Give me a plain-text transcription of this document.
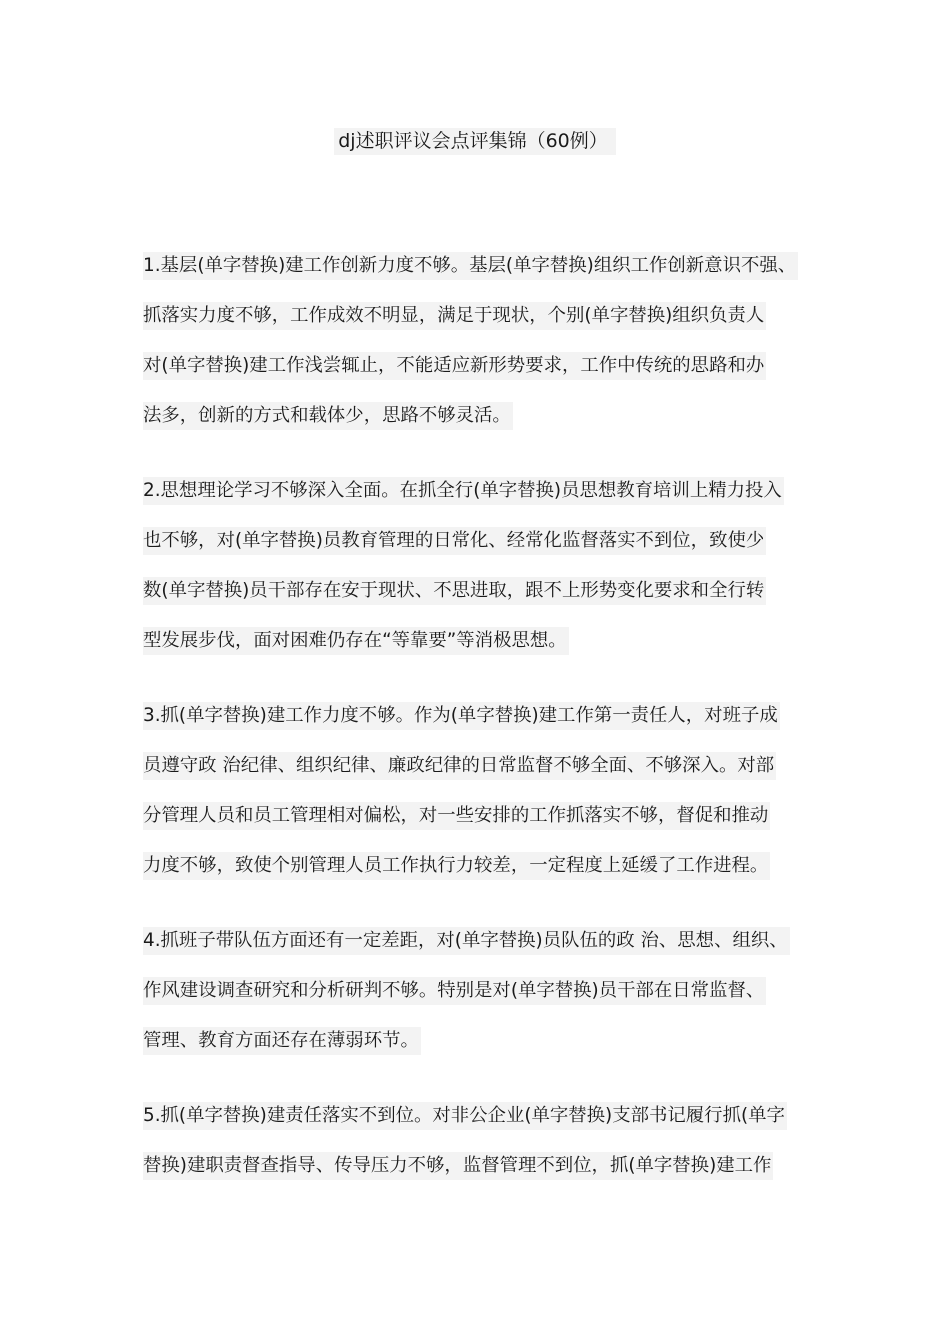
dj述职评议会点评集锦（60例）
1.基层(单字替换)建工作创新力度不够。基层(单字替换)组织工作创新意识不强、
抓落实力度不够，工作成效不明显，满足于现状，个别(单字替换)组织负责人
对(单字替换)建工作浅尝辄止，不能适应新形势要求，工作中传统的思路和办
法多，创新的方式和载体少，思路不够灵活。
2.思想理论学习不够深入全面。在抓全行(单字替换)员思想教育培训上精力投入
也不够，对(单字替换)员教育管理的日常化、经常化监督落实不到位，致使少
数(单字替换)员干部存在安于现状、不思进取，跟不上形势变化要求和全行转
型发展步伐，面对困难仍存在“等靠要”等消极思想。
3.抓(单字替换)建工作力度不够。作为(单字替换)建工作第一责任人，对班子成
员遵守政 治纪律、组织纪律、廉政纪律的日常监督不够全面、不够深入。对部
分管理人员和员工管理相对偏松，对一些安排的工作抓落实不够，督促和推动
力度不够，致使个别管理人员工作执行力较差，一定程度上延缓了工作进程。
4.抓班子带队伍方面还有一定差距，对(单字替换)员队伍的政 治、思想、组织、
作风建设调查研究和分析研判不够。特别是对(单字替换)员干部在日常监督、
管理、教育方面还存在薄弱环节。
5.抓(单字替换)建责任落实不到位。对非公企业(单字替换)支部书记履行抓(单字
替换)建职责督查指导、传导压力不够，监督管理不到位，抓(单字替换)建工作
